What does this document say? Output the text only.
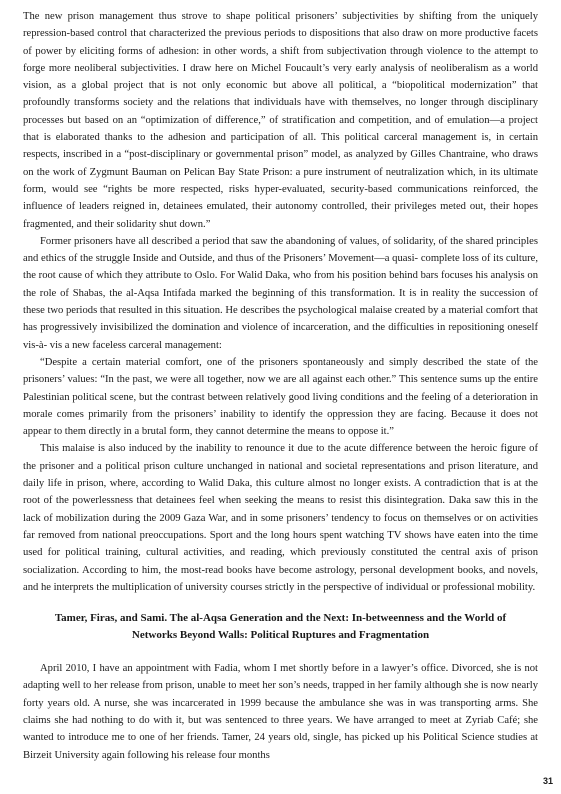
The new prison management thus strove to shape political prisoners’ subjectivities by shifting from the uniquely repression-based control that characterized the previous periods to dispositions that also draw on more productive facets of power by eliciting forms of adhesion: in other words, a shift from subjectivation through violence to the attempt to forge more neoliberal subjectivities. I draw here on Michel Foucault’s very early analysis of neoliberalism as a world vision, as a global project that is not only economic but above all political, a “biopolitical modernization” that profoundly transforms society and the relations that individuals have with themselves, no longer through disciplinary processes but based on an “optimization of difference,” of stratification and competition, and of emulation—a project that is elaborated thanks to the adhesion and participation of all. This political carceral management is, in certain respects, inscribed in a “post-disciplinary or governmental prison” model, as analyzed by Gilles Chantraine, who draws on the work of Zygmunt Bauman on Pelican Bay State Prison: a pure instrument of neutralization which, in its ultimate form, would see “rights be more respected, risks hyper-evaluated, security-based communications reinforced, the influence of leaders reigned in, detainees emulated, their autonomy controlled, their privileges meted out, their hopes fragmented, and their solidarity shut down.”

Former prisoners have all described a period that saw the abandoning of values, of solidarity, of the shared principles and ethics of the struggle Inside and Outside, and thus of the Prisoners’ Movement—a quasi- complete loss of its culture, the root cause of which they attribute to Oslo. For Walid Daka, who from his position behind bars focuses his analysis on the role of Shabas, the al-Aqsa Intifada marked the beginning of this transformation. It is in reality the succession of these two periods that resulted in this situation. He describes the psychological malaise created by a material comfort that has progressively invisibilized the domination and violence of incarceration, and the difficulties in repositioning oneself vis-à- vis a new faceless carceral management:

“Despite a certain material comfort, one of the prisoners spontaneously and simply described the state of the prisoners’ values: “In the past, we were all together, now we are all against each other.” This sentence sums up the entire Palestinian political scene, but the contrast between relatively good living conditions and the feeling of a deterioration in morale comes primarily from the prisoners’ inability to identify the oppression they are facing. Because it does not appear to them directly in a brutal form, they cannot determine the means to oppose it.”

This malaise is also induced by the inability to renounce it due to the acute difference between the heroic figure of the prisoner and a political prison culture unchanged in national and societal representations and prison literature, and daily life in prison, where, according to Walid Daka, this culture almost no longer exists. A contradiction that is at the root of the powerlessness that detainees feel when seeking the means to resist this disintegration. Daka saw this in the lack of mobilization during the 2009 Gaza War, and in some prisoners’ tendency to focus on themselves or on activities far removed from national preoccupations. Sport and the long hours spent watching TV shows have eaten into the time used for political training, cultural activities, and reading, which previously constituted the central axis of prison socialization. According to him, the most-read books have become astrology, personal development books, and novels, and he interprets the multiplication of university courses strictly in the perspective of individual or professional mobility.

Tamer, Firas, and Sami. The al-Aqsa Generation and the Next: In-betweenness and the World of Networks Beyond Walls: Political Ruptures and Fragmentation

April 2010, I have an appointment with Fadia, whom I met shortly before in a lawyer’s office. Divorced, she is not adapting well to her release from prison, unable to meet her son’s needs, trapped in her family although she is now nearly forty years old. A nurse, she was incarcerated in 1999 because the ambulance she was in was transporting arms. She claims she had nothing to do with it, but was sentenced to three years. We have arranged to meet at Zyriab Café; she wanted to introduce me to one of her friends. Tamer, 24 years old, single, has picked up his Political Science studies at Birzeit University again following his release four months

31
